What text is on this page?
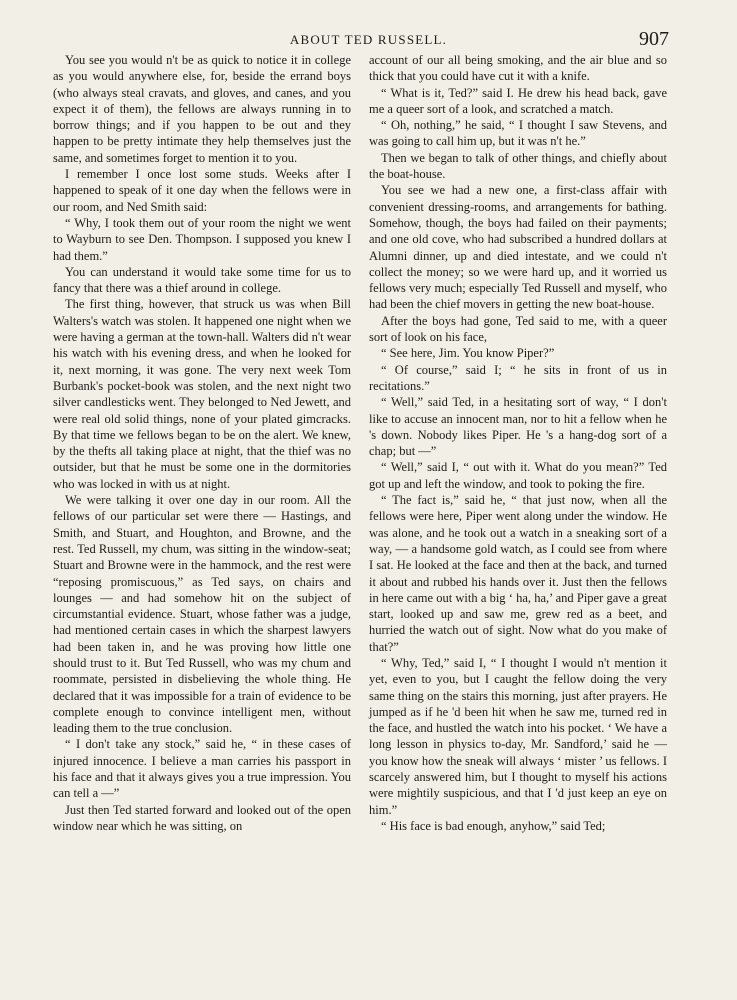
ABOUT TED RUSSELL.	907

You see you would n't be as quick to notice it in college as you would anywhere else, for, beside the errand boys (who always steal cravats, and gloves, and canes, and you expect it of them), the fellows are always running in to borrow things; and if you happen to be out and they happen to be pretty intimate they help themselves just the same, and sometimes forget to mention it to you.

I remember I once lost some studs. Weeks after I happened to speak of it one day when the fellows were in our room, and Ned Smith said:

“ Why, I took them out of your room the night we went to Wayburn to see Den. Thompson. I supposed you knew I had them.”

You can understand it would take some time for us to fancy that there was a thief around in college.

The first thing, however, that struck us was when Bill Walters's watch was stolen. It happened one night when we were having a german at the town-hall. Walters did n't wear his watch with his evening dress, and when he looked for it, next morning, it was gone. The very next week Tom Burbank's pocket-book was stolen, and the next night two silver candlesticks went. They belonged to Ned Jewett, and were real old solid things, none of your plated gimcracks. By that time we fellows began to be on the alert. We knew, by the thefts all taking place at night, that the thief was no outsider, but that he must be some one in the dormitories who was locked in with us at night.

We were talking it over one day in our room. All the fellows of our particular set were there — Hastings, and Smith, and Stuart, and Houghton, and Browne, and the rest. Ted Russell, my chum, was sitting in the window-seat; Stuart and Browne were in the hammock, and the rest were “reposing promiscuous,” as Ted says, on chairs and lounges — and had somehow hit on the subject of circumstantial evidence. Stuart, whose father was a judge, had mentioned certain cases in which the sharpest lawyers had been taken in, and he was proving how little one should trust to it. But Ted Russell, who was my chum and roommate, persisted in disbelieving the whole thing. He declared that it was impossible for a train of evidence to be complete enough to convince intelligent men, without leading them to the true conclusion.

“ I don't take any stock,” said he, “ in these cases of injured innocence. I believe a man carries his passport in his face and that it always gives you a true impression. You can tell a —”

Just then Ted started forward and looked out of the open window near which he was sitting, on

account of our all being smoking, and the air blue and so thick that you could have cut it with a knife.

“ What is it, Ted?” said I. He drew his head back, gave me a queer sort of a look, and scratched a match.

“ Oh, nothing,” he said, “ I thought I saw Stevens, and was going to call him up, but it was n't he.”

Then we began to talk of other things, and chiefly about the boat-house.

You see we had a new one, a first-class affair with convenient dressing-rooms, and arrangements for bathing. Somehow, though, the boys had failed on their payments; and one old cove, who had subscribed a hundred dollars at Alumni dinner, up and died intestate, and we could n't collect the money; so we were hard up, and it worried us fellows very much; especially Ted Russell and myself, who had been the chief movers in getting the new boat-house.

After the boys had gone, Ted said to me, with a queer sort of look on his face,

“ See here, Jim. You know Piper?”

“ Of course,” said I; “ he sits in front of us in recitations.”

“ Well,” said Ted, in a hesitating sort of way, “ I don't like to accuse an innocent man, nor to hit a fellow when he 's down. Nobody likes Piper. He 's a hang-dog sort of a chap; but —”

“ Well,” said I, “ out with it. What do you mean?” Ted got up and left the window, and took to poking the fire.

“ The fact is,” said he, “ that just now, when all the fellows were here, Piper went along under the window. He was alone, and he took out a watch in a sneaking sort of a way, — a handsome gold watch, as I could see from where I sat. He looked at the face and then at the back, and turned it about and rubbed his hands over it. Just then the fellows in here came out with a big ‘ ha, ha,’ and Piper gave a great start, looked up and saw me, grew red as a beet, and hurried the watch out of sight. Now what do you make of that?”

“ Why, Ted,” said I, “ I thought I would n't mention it yet, even to you, but I caught the fellow doing the very same thing on the stairs this morning, just after prayers. He jumped as if he 'd been hit when he saw me, turned red in the face, and hustled the watch into his pocket. ‘ We have a long lesson in physics to-day, Mr. Sandford,’ said he — you know how the sneak will always ‘ mister ’ us fellows. I scarcely answered him, but I thought to myself his actions were mightily suspicious, and that I 'd just keep an eye on him.”

“ His face is bad enough, anyhow,” said Ted;
